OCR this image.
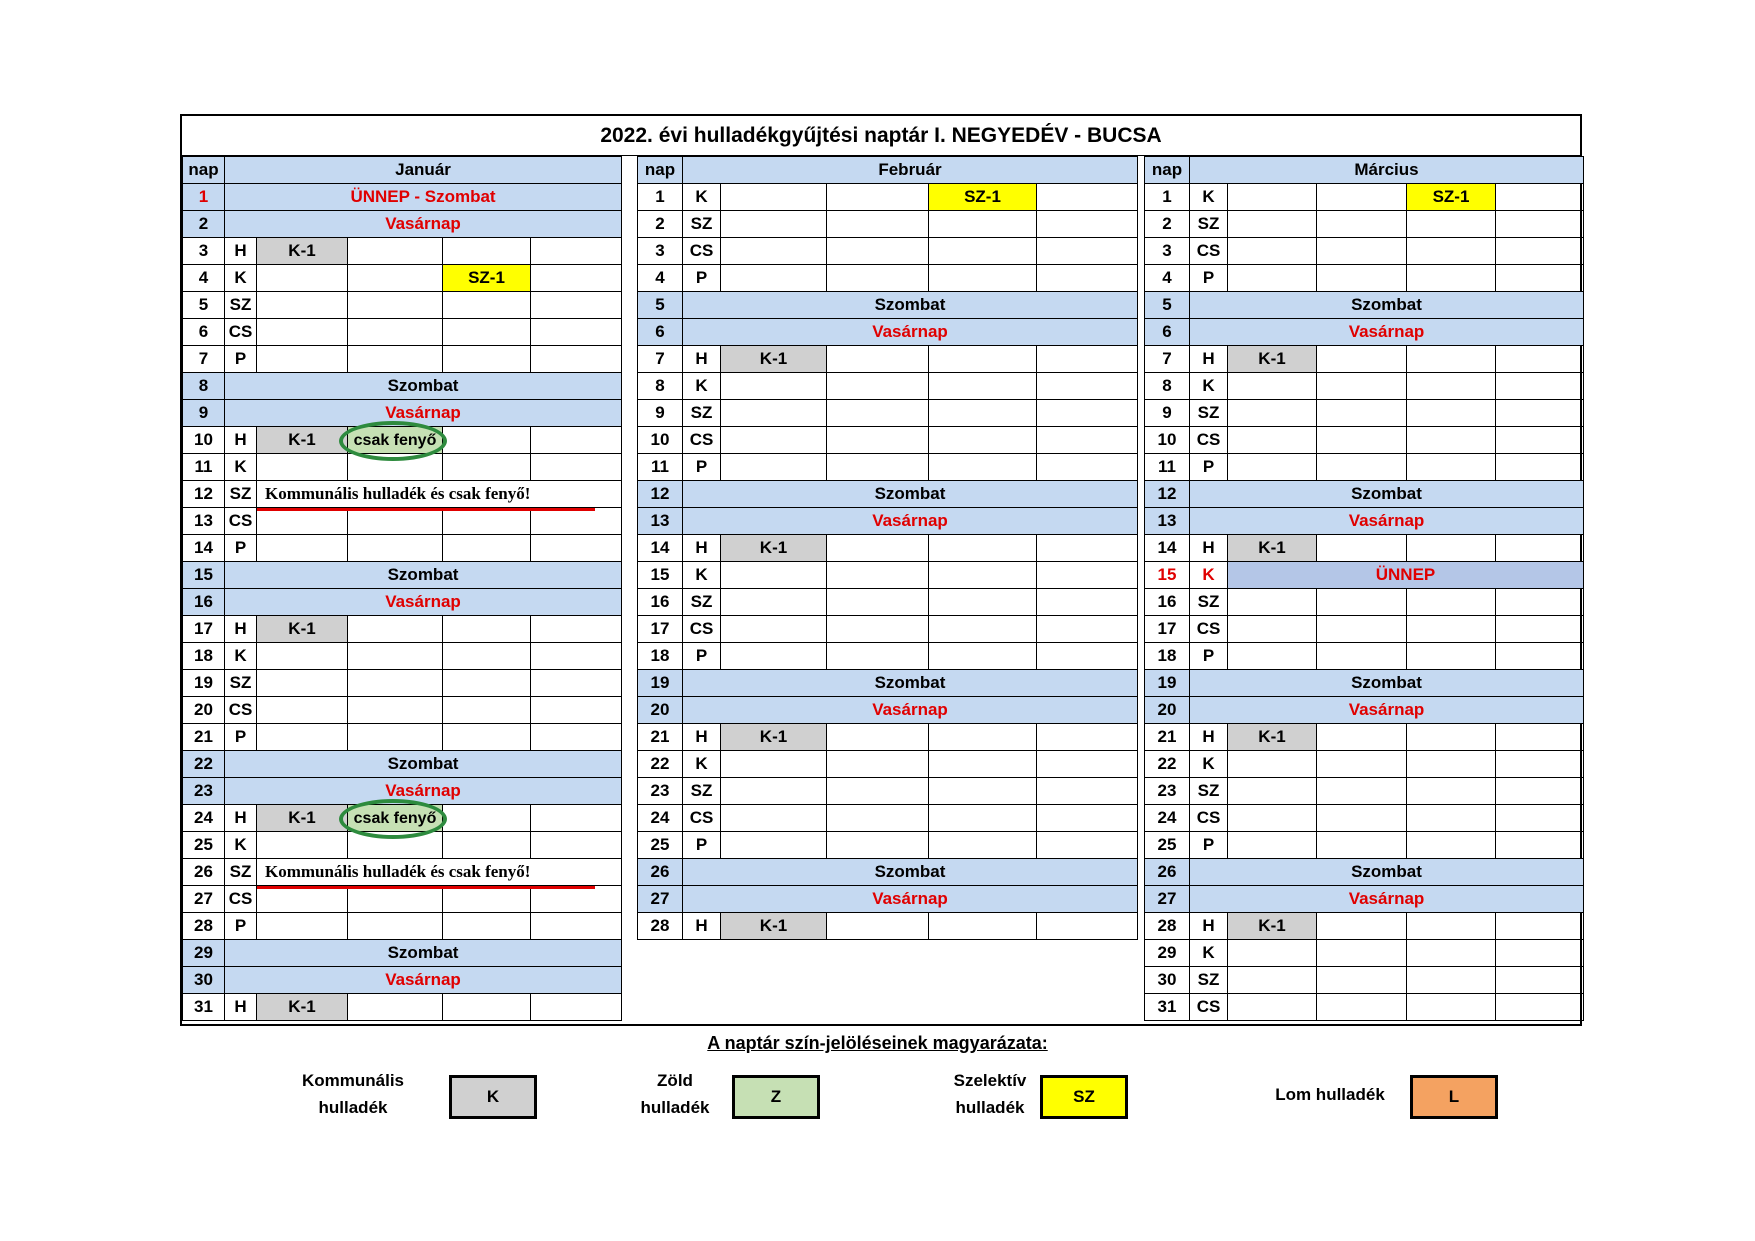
2022. évi hulladékgyűjtési naptár I. NEGYEDÉV - BUCSA
nap	Január				
1	ÜNNEP - Szombat				
2	Vasárnap				
3	H	K-1			
4	K			SZ-1	
5	SZ				
6	CS				
7	P				
8	Szombat				
9	Vasárnap				
10	H	K-1	csak fenyő

11	K				
12	SZ	Kommunális hulladék és csak fenyő!			

13	CS				
14	P				
15	Szombat				
16	Vasárnap				
17	H	K-1			
18	K				
19	SZ				
20	CS				
21	P				
22	Szombat				
23	Vasárnap				
24	H	K-1	csak fenyő

25	K				
26	SZ	Kommunális hulladék és csak fenyő!			

27	CS				
28	P				
29	Szombat				
30	Vasárnap				
31	H	K-1			
nap	Február				
1	K			SZ-1	
2	SZ				
3	CS				
4	P				
5	Szombat				
6	Vasárnap				
7	H	K-1			
8	K				
9	SZ				
10	CS				
11	P				
12	Szombat				
13	Vasárnap				
14	H	K-1			
15	K				
16	SZ				
17	CS				
18	P				
19	Szombat				
20	Vasárnap				
21	H	K-1			
22	K				
23	SZ				
24	CS				
25	P				
26	Szombat				
27	Vasárnap				
28	H	K-1			
nap	Március				
1	K			SZ-1	
2	SZ				
3	CS				
4	P				
5	Szombat				
6	Vasárnap				
7	H	K-1			
8	K				
9	SZ				
10	CS				
11	P				
12	Szombat				
13	Vasárnap				
14	H	K-1			
15	K	ÜNNEP			
16	SZ				
17	CS				
18	P				
19	Szombat				
20	Vasárnap				
21	H	K-1			
22	K				
23	SZ				
24	CS				
25	P				
26	Szombat				
27	Vasárnap				
28	H	K-1			
29	K				
30	SZ				
31	CS				
A naptár szín-jelöléseinek magyarázata:
Kommunális
hulladék
K
Zöld
hulladék
Z
Szelektív
hulladék
SZ	Lom hulladék	L
